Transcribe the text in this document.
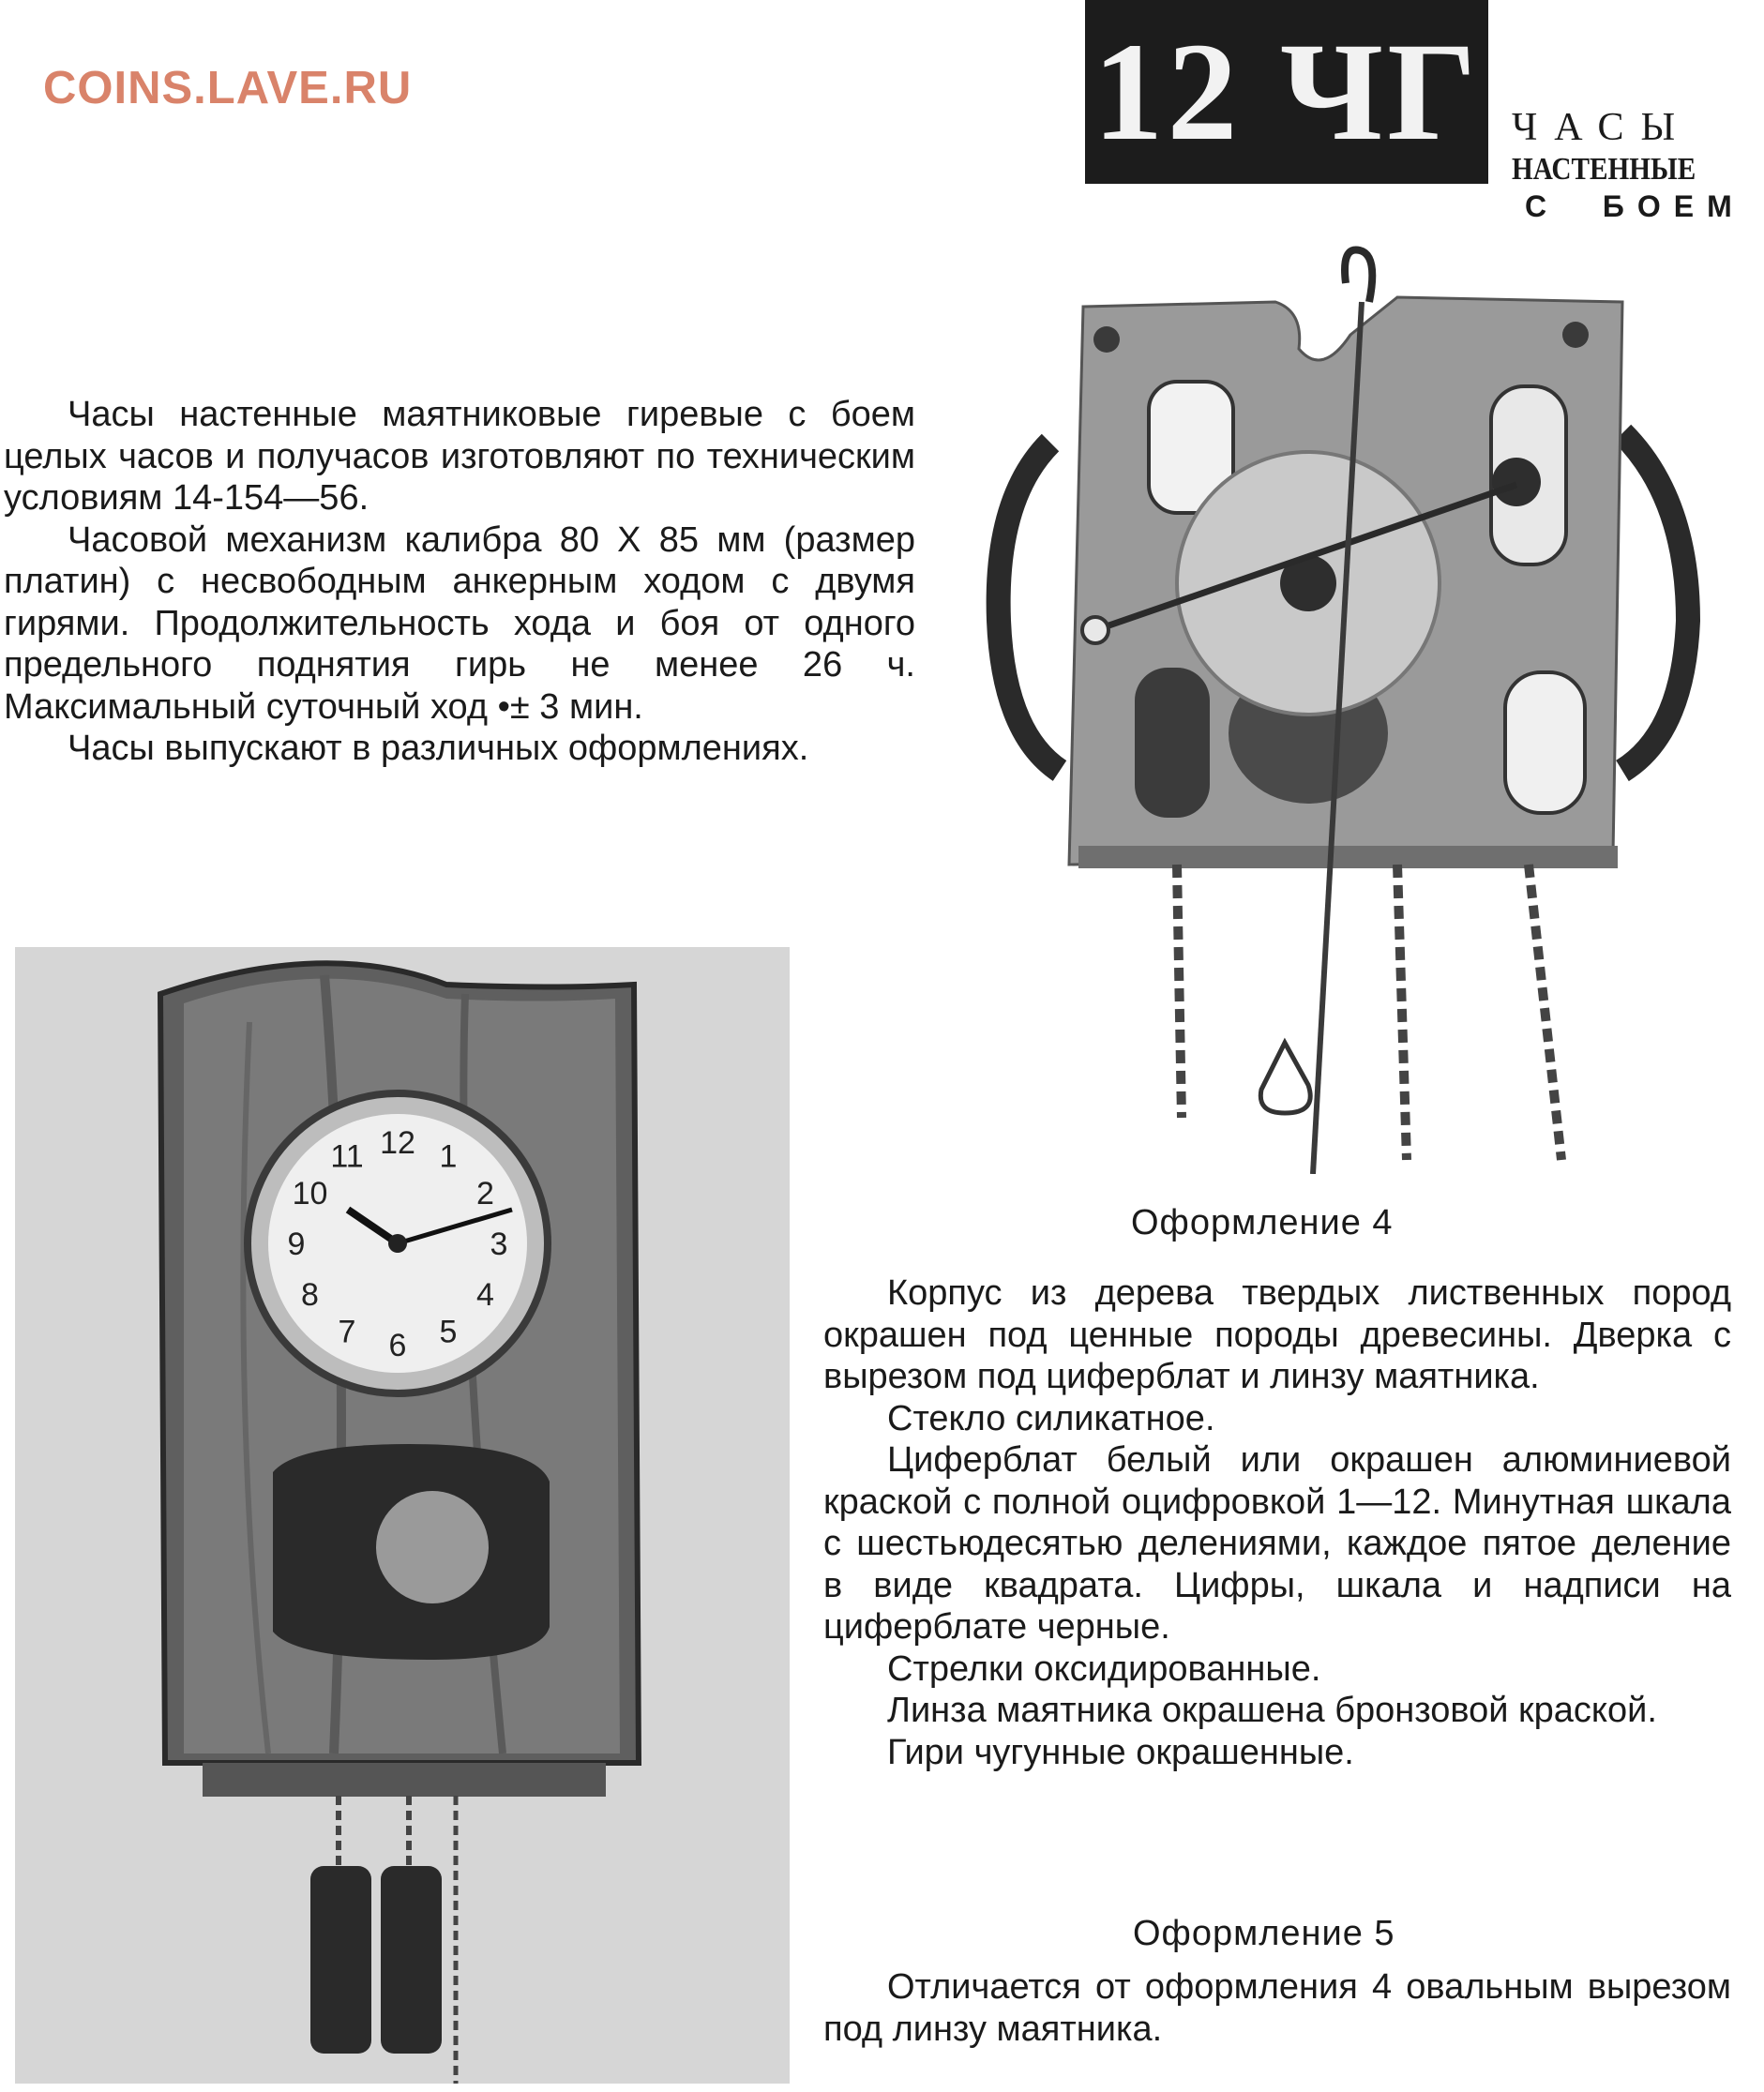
COINS.LAVE.RU	12 ЧГ ЧАСЫ
НАСТЕННЫЕ
С  БОЕМ

Часы настенные маятниковые гиревые с боем целых часов и получасов изготовляют по техническим условиям 14-154—56.

Часовой механизм калибра 80 Х 85 мм (размер платин) с несвободным анкерным ходом с двумя гирями. Продолжительность хода и боя от одного предельного поднятия гирь не менее 26 ч. Максимальный суточный ход •± 3 мин.

Часы выпускают в различных оформлениях.

Оформление 4

Корпус из дерева твердых лиственных пород окрашен под ценные породы древесины. Дверка с вырезом под циферблат и линзу маятника.

Стекло силикатное.

Циферблат белый или окрашен алюминиевой краской с полной оцифровкой 1—12. Минутная шкала с шестьюдесятью делениями, каждое пятое деление в виде квадрата. Цифры, шкала и надписи на циферблате черные.

Стрелки оксидированные.

Линза маятника окрашена бронзовой краской.

Гири чугунные окрашенные.

Оформление 5

Отличается от оформления 4 овальным вырезом под линзу маятника.

12 1
2
3
4
5
6
7
8
9
10
11
